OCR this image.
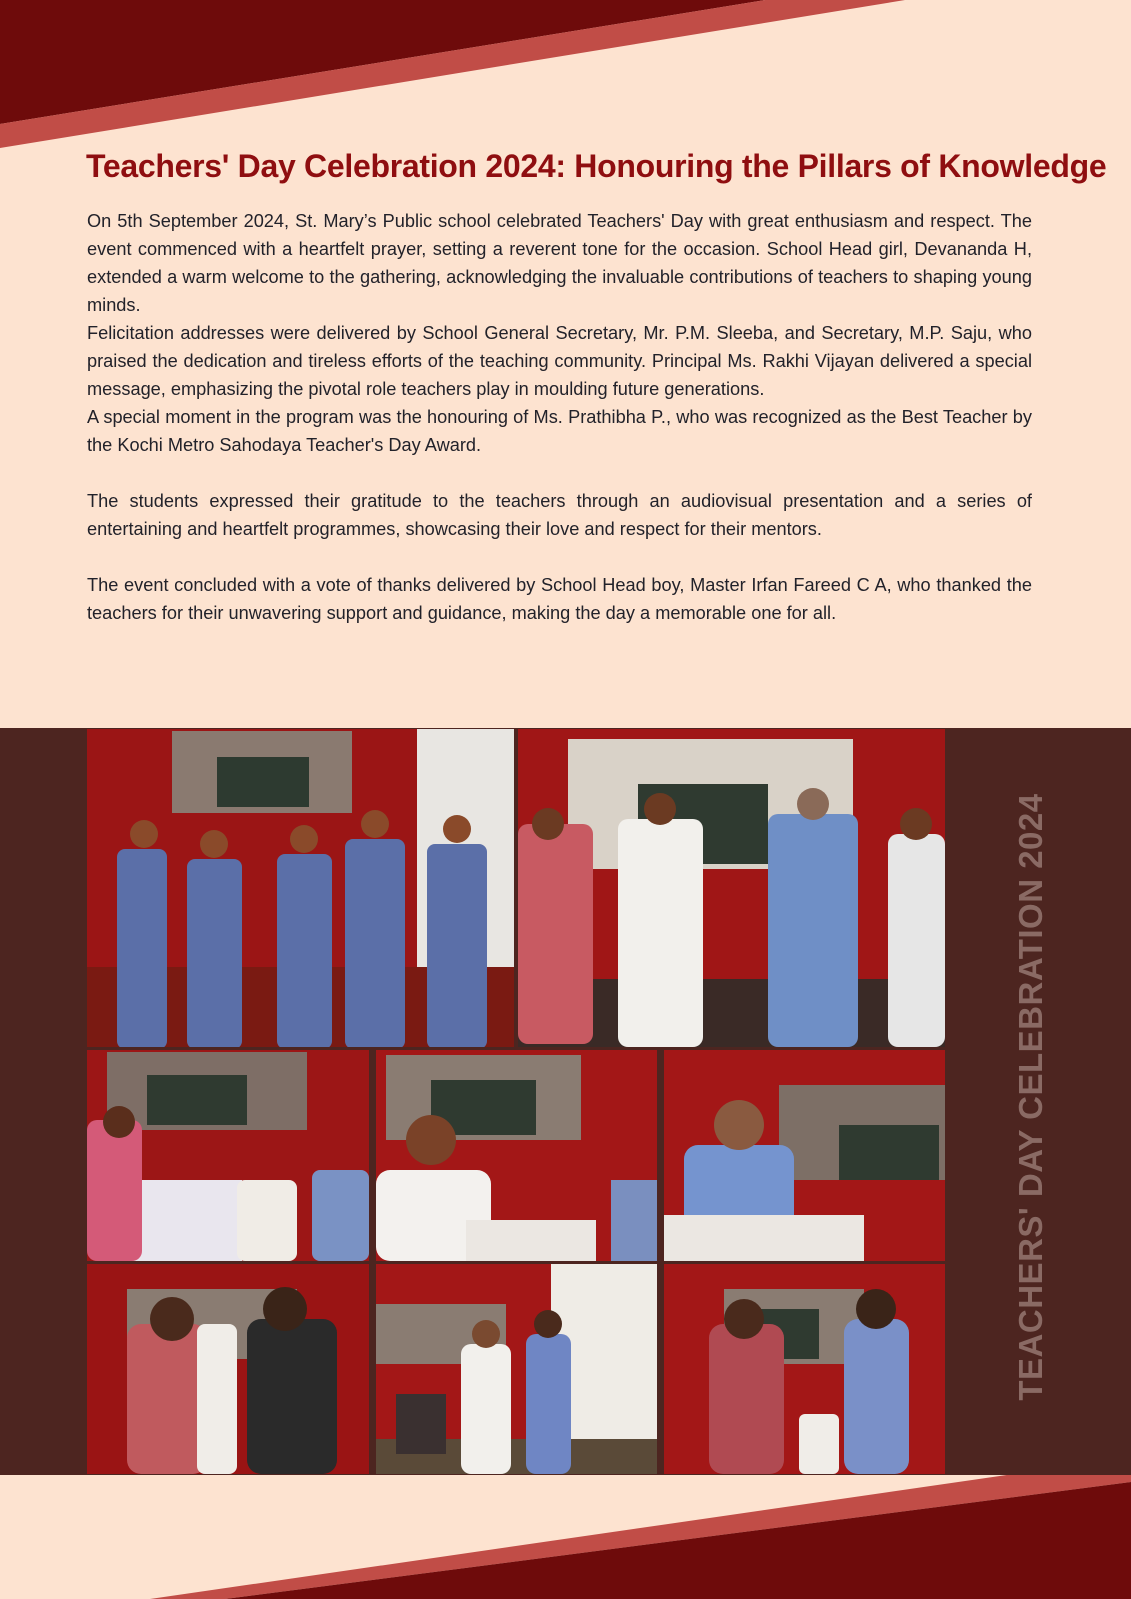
Teachers' Day Celebration 2024: Honouring the Pillars of Knowledge

On 5th September 2024, St. Mary’s Public school celebrated Teachers' Day with great enthusiasm and respect. The event commenced with a heartfelt prayer, setting a reverent tone for the occasion. School Head girl, Devananda H, extended a warm welcome to the gathering, acknowledging the invaluable contributions of teachers to shaping young minds.

Felicitation addresses were delivered by School General Secretary, Mr. P.M. Sleeba, and Secretary, M.P. Saju, who praised the dedication and tireless efforts of the teaching community. Principal Ms. Rakhi Vijayan delivered a special message, emphasizing the pivotal role teachers play in moulding future generations.

A special moment in the program was the honouring of Ms. Prathibha P., who was recognized as the Best Teacher by the Kochi Metro Sahodaya Teacher's Day Award.

The students expressed their gratitude to the teachers through an audiovisual presentation and a series of entertaining and heartfelt programmes, showcasing their love and respect for their mentors.

The event concluded with a vote of thanks delivered by School Head boy, Master Irfan Fareed C A, who thanked the teachers for their unwavering support and guidance, making the day a memorable one for all.

TEACHERS' DAY CELEBRATION 2024
